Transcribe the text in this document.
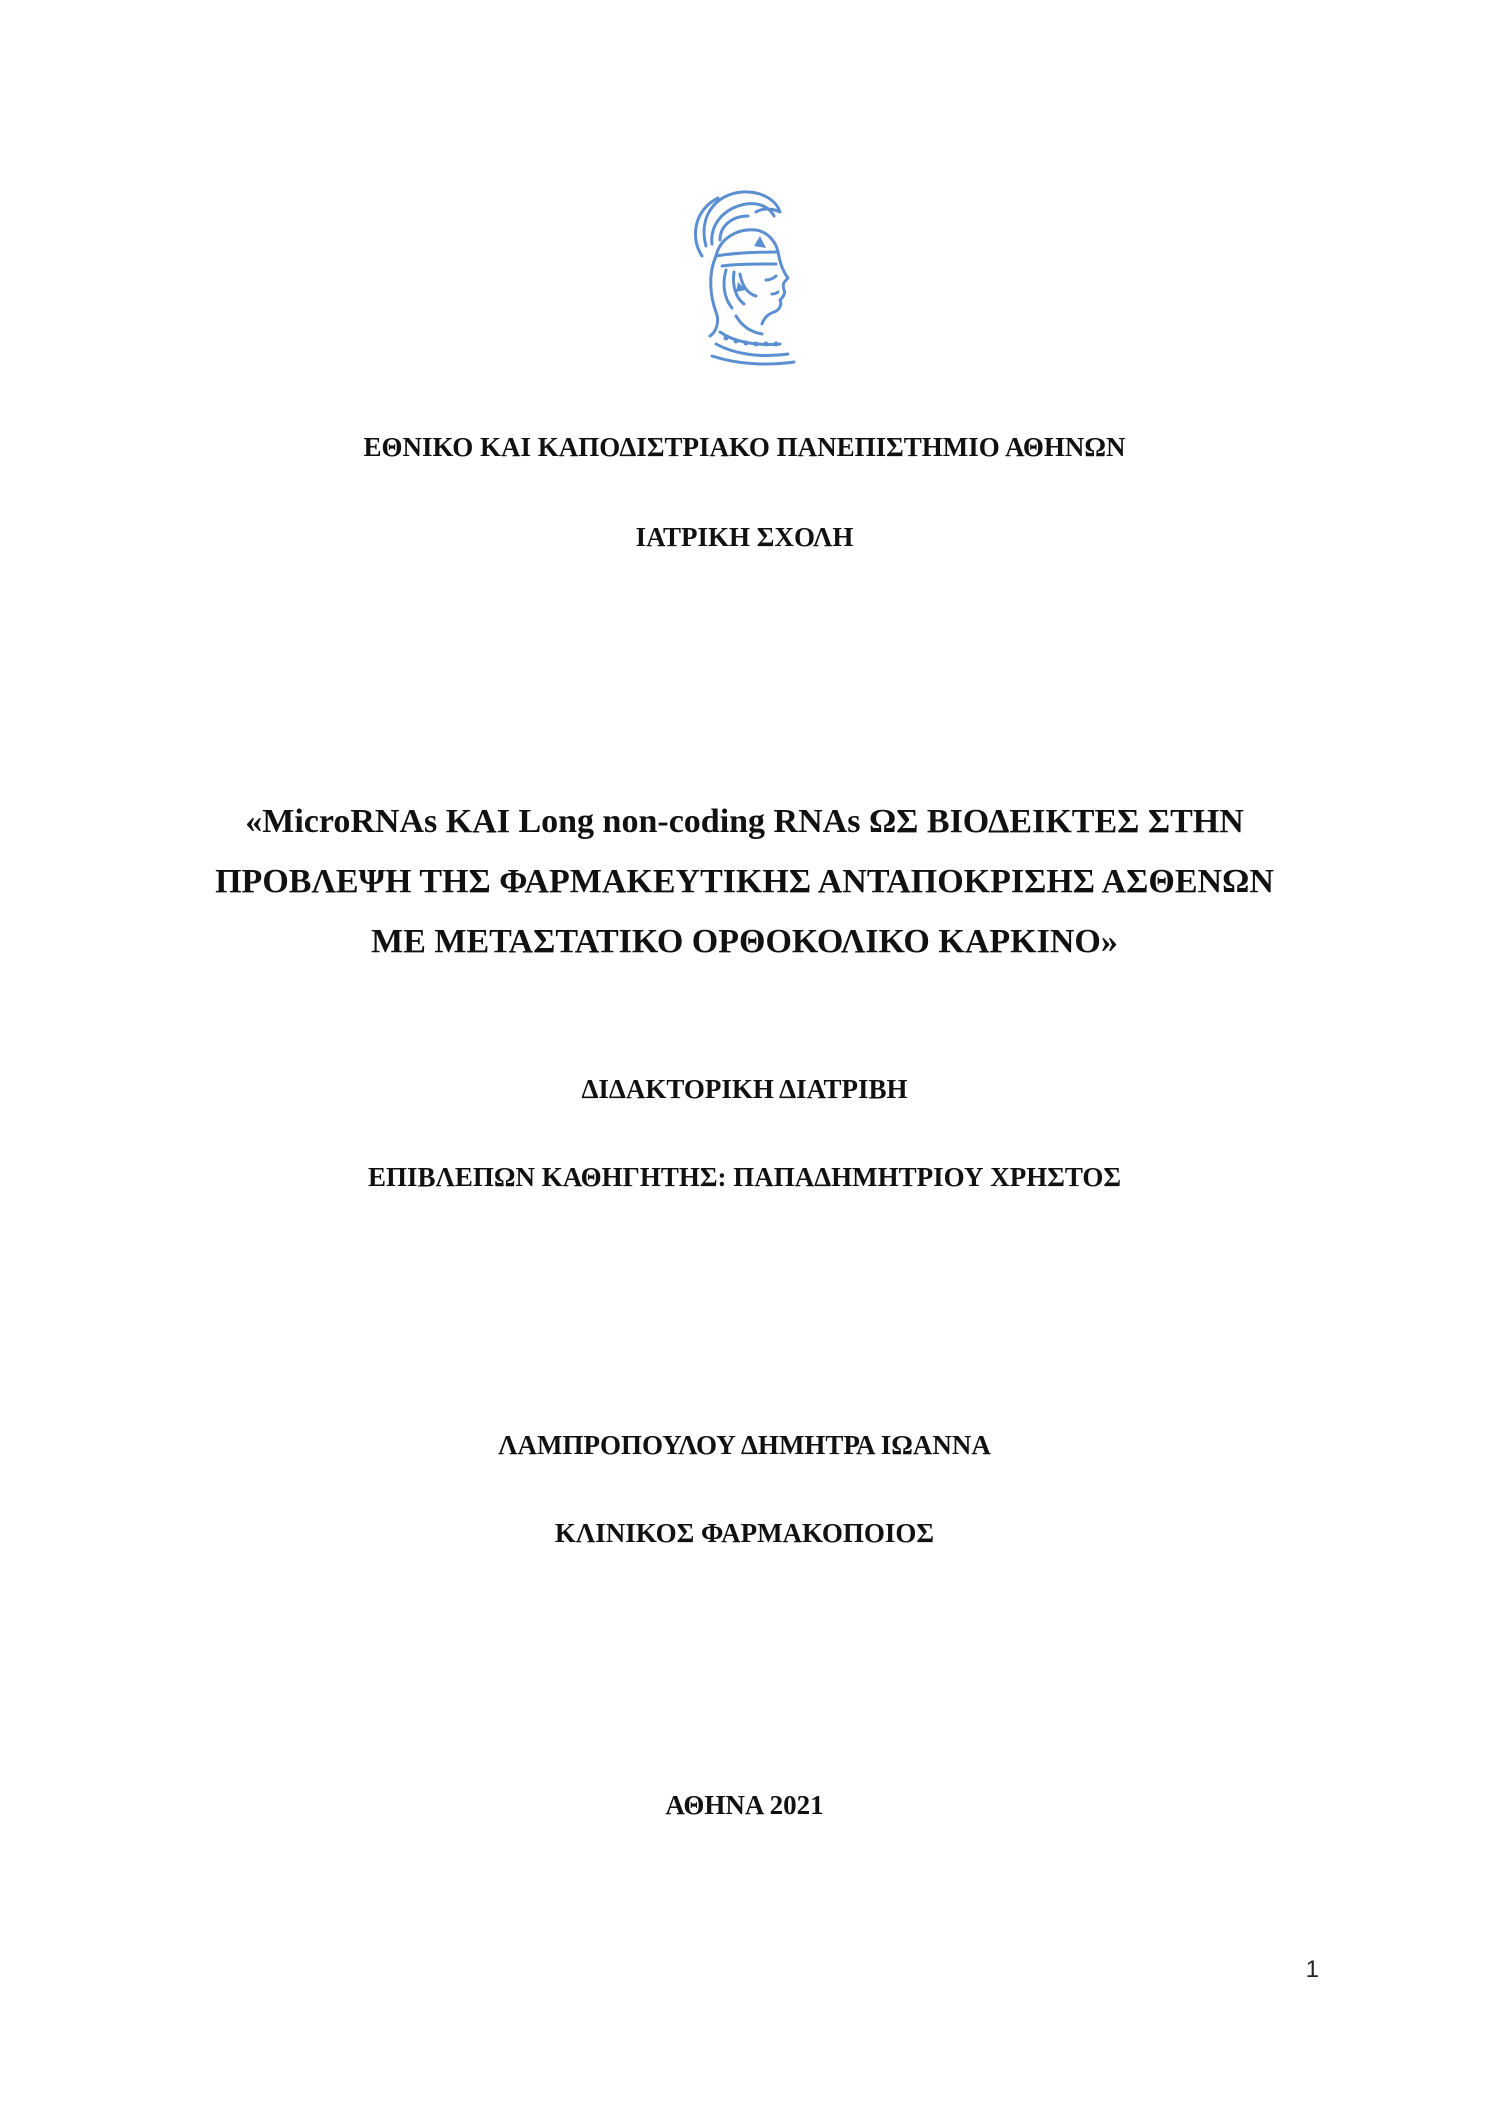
ΕΘΝΙΚΟ ΚΑΙ ΚΑΠΟΔΙΣΤΡΙΑΚΟ ΠΑΝΕΠΙΣΤΗΜΙΟ ΑΘΗΝΩΝ
ΙΑΤΡΙΚΗ ΣΧΟΛΗ
«MicroRNAs ΚΑΙ Long non-coding RNAs ΩΣ ΒΙΟΔΕΙΚΤΕΣ ΣΤΗΝ
ΠΡΟΒΛΕΨΗ ΤΗΣ ΦΑΡΜΑΚΕΥΤΙΚΗΣ ΑΝΤΑΠΟΚΡΙΣΗΣ ΑΣΘΕΝΩΝ
ΜΕ ΜΕΤΑΣΤΑΤΙΚΟ ΟΡΘΟΚΟΛΙΚΟ ΚΑΡΚΙΝΟ»
ΔΙΔΑΚΤΟΡΙΚΗ ΔΙΑΤΡΙΒΗ
ΕΠΙΒΛΕΠΩΝ ΚΑΘΗΓΗΤΗΣ: ΠΑΠΑΔΗΜΗΤΡΙΟΥ ΧΡΗΣΤΟΣ
ΛΑΜΠΡΟΠΟΥΛΟΥ ΔΗΜΗΤΡΑ ΙΩΑΝΝΑ
ΚΛΙΝΙΚΟΣ ΦΑΡΜΑΚΟΠΟΙΟΣ
ΑΘΗΝΑ 2021
1
